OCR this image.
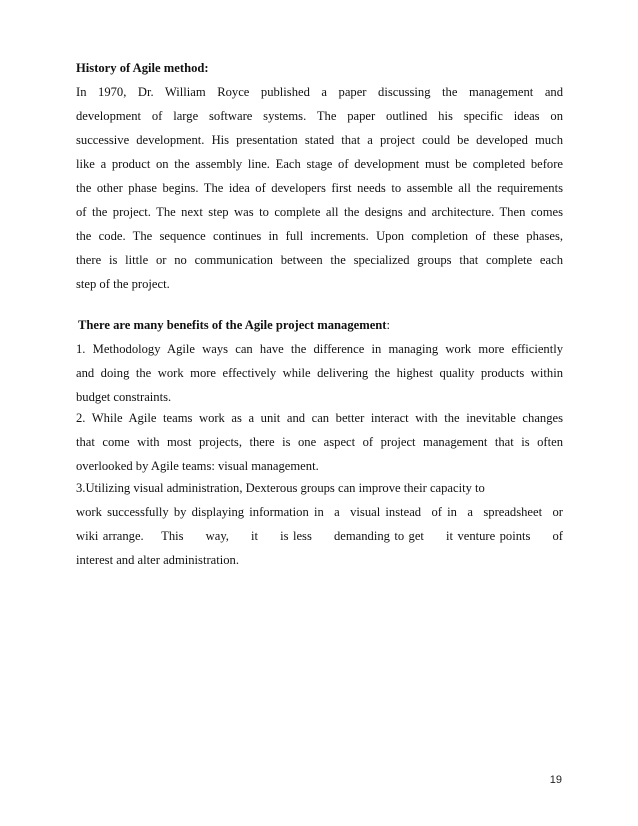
History of Agile method:
In 1970, Dr. William Royce published a paper discussing the management and
development of large software systems. The paper outlined his specific ideas on
successive development. His presentation stated that a project could be developed much
like a product on the assembly line. Each stage of development must be completed before
the other phase begins. The idea of developers first needs to assemble all the requirements
of the project. The next step was to complete all the designs and architecture. Then comes
the code. The sequence continues in full increments. Upon completion of these phases,
there is little or no communication between the specialized groups that complete each
step of the project.
There are many benefits of the Agile project management:
1. Methodology Agile ways can have the difference in managing work more efficiently
and doing the work more effectively while delivering the highest quality products within
budget constraints.
2. While Agile teams work as a unit and can better interact with the inevitable changes
that come with most projects, there is one aspect of project management that is often
overlooked by Agile teams: visual management.
3.Utilizing visual administration, Dexterous groups can improve their capacity to
work successfully by displaying information in  a  visual instead  of in  a  spreadsheet  or
wiki arrange.    This     way,     it     is less     demanding to get     it venture points     of
interest and alter administration.
19
